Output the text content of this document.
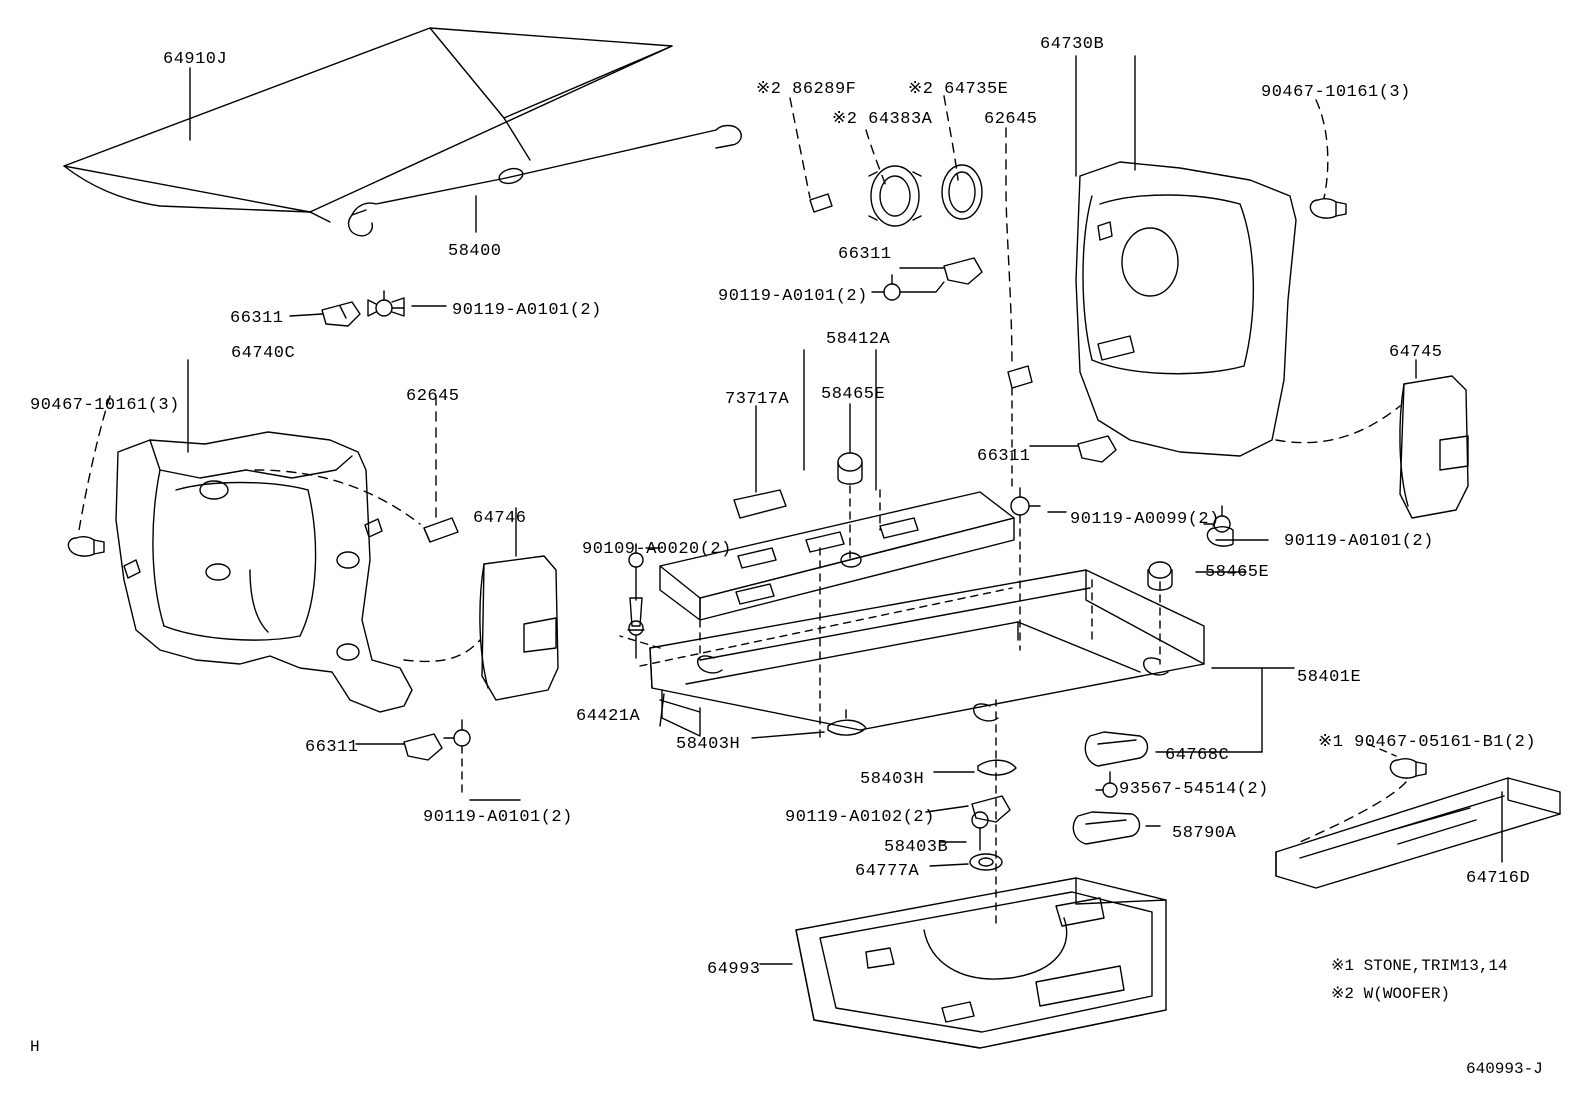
64910J
58400
64730B
※2 86289F	※2 64735E
※2 64383A	62645
90467-10161(3)
66311
90119-A0101(2)
66311	90119-A0101(2)
64740C
62645
90467-10161(3)
58412A
73717A 58465E
66311
64745
64746	90119-A0099(2)
90119-A0101(2)
90109-A0020(2)
58465E
58401E
64421A
58403H
66311	64768C
※1 90467-05161-B1(2)
58403H
93567-54514(2)
90119-A0101(2)	90119-A0102(2)
58403B
58790A
64777A	64716D
64993	※1 STONE,TRIM13,14
※2 W(WOOFER)
H
640993-J
